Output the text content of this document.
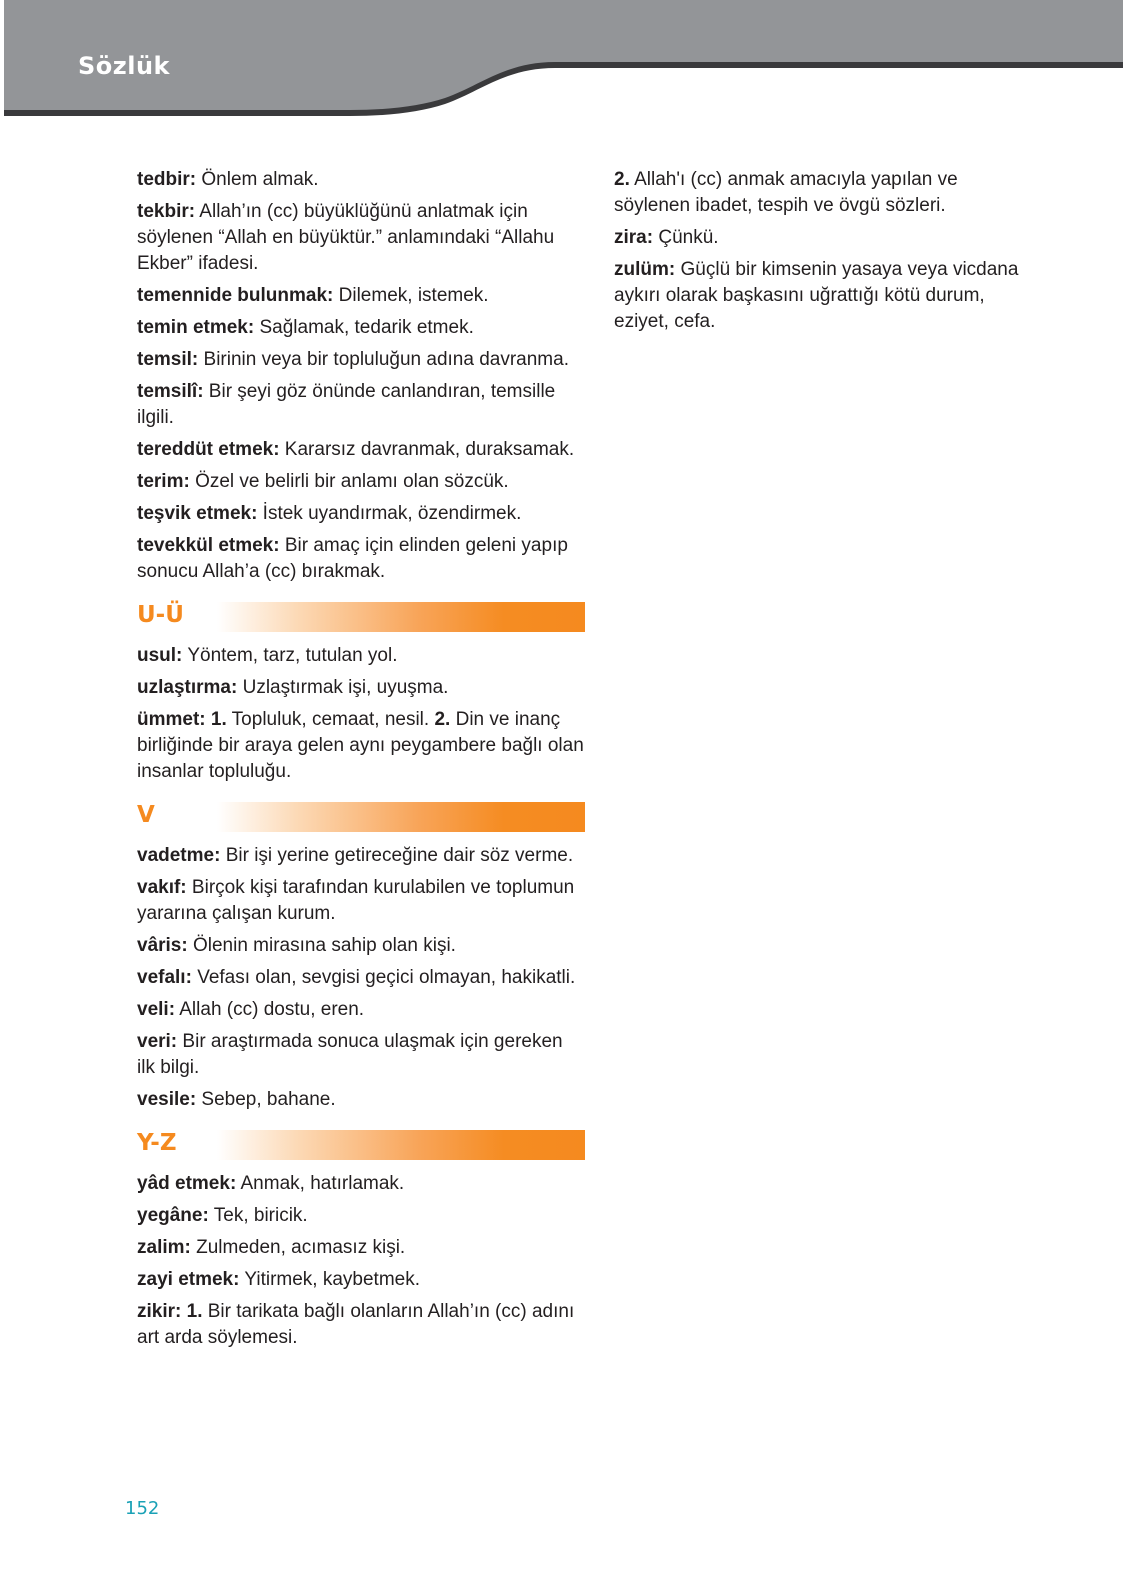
Sözlük

tedbir: Önlem almak.

tekbir: Allah’ın (cc) büyüklüğünü anlatmak için söylenen “Allah en büyüktür.” anlamındaki “Allahu Ekber” ifadesi.

temennide bulunmak: Dilemek, istemek.

temin etmek: Sağlamak, tedarik etmek.

temsil: Birinin veya bir topluluğun adına davranma.

temsilî: Bir şeyi göz önünde canlandıran, temsille ilgili.

tereddüt etmek: Kararsız davranmak, duraksamak.

terim: Özel ve belirli bir anlamı olan sözcük.

teşvik etmek: İstek uyandırmak, özendirmek.

tevekkül etmek: Bir amaç için elinden geleni yapıp sonucu Allah’a (cc) bırakmak.

U-Ü

usul: Yöntem, tarz, tutulan yol.

uzlaştırma: Uzlaştırmak işi, uyuşma.

ümmet: 1. Topluluk, cemaat, nesil. 2. Din ve inanç birliğinde bir araya gelen aynı peygambere bağlı olan insanlar topluluğu.

V

vadetme: Bir işi yerine getireceğine dair söz verme.

vakıf: Birçok kişi tarafından kurulabilen ve toplumun yararına çalışan kurum.

vâris: Ölenin mirasına sahip olan kişi.

vefalı: Vefası olan, sevgisi geçici olmayan, hakikatli.

veli: Allah (cc) dostu, eren.

veri: Bir araştırmada sonuca ulaşmak için gereken ilk bilgi.

vesile: Sebep, bahane.

Y-Z

yâd etmek: Anmak, hatırlamak.

yegâne: Tek, biricik.

zalim: Zulmeden, acımasız kişi.

zayi etmek: Yitirmek, kaybetmek.

zikir: 1. Bir tarikata bağlı olanların Allah’ın (cc) adını art arda söylemesi.

2. Allah'ı (cc) anmak amacıyla yapılan ve söylenen ibadet, tespih ve övgü sözleri.

zira: Çünkü.

zulüm: Güçlü bir kimsenin yasaya veya vicdana aykırı olarak başkasını uğrattığı kötü durum, eziyet, cefa.

152
